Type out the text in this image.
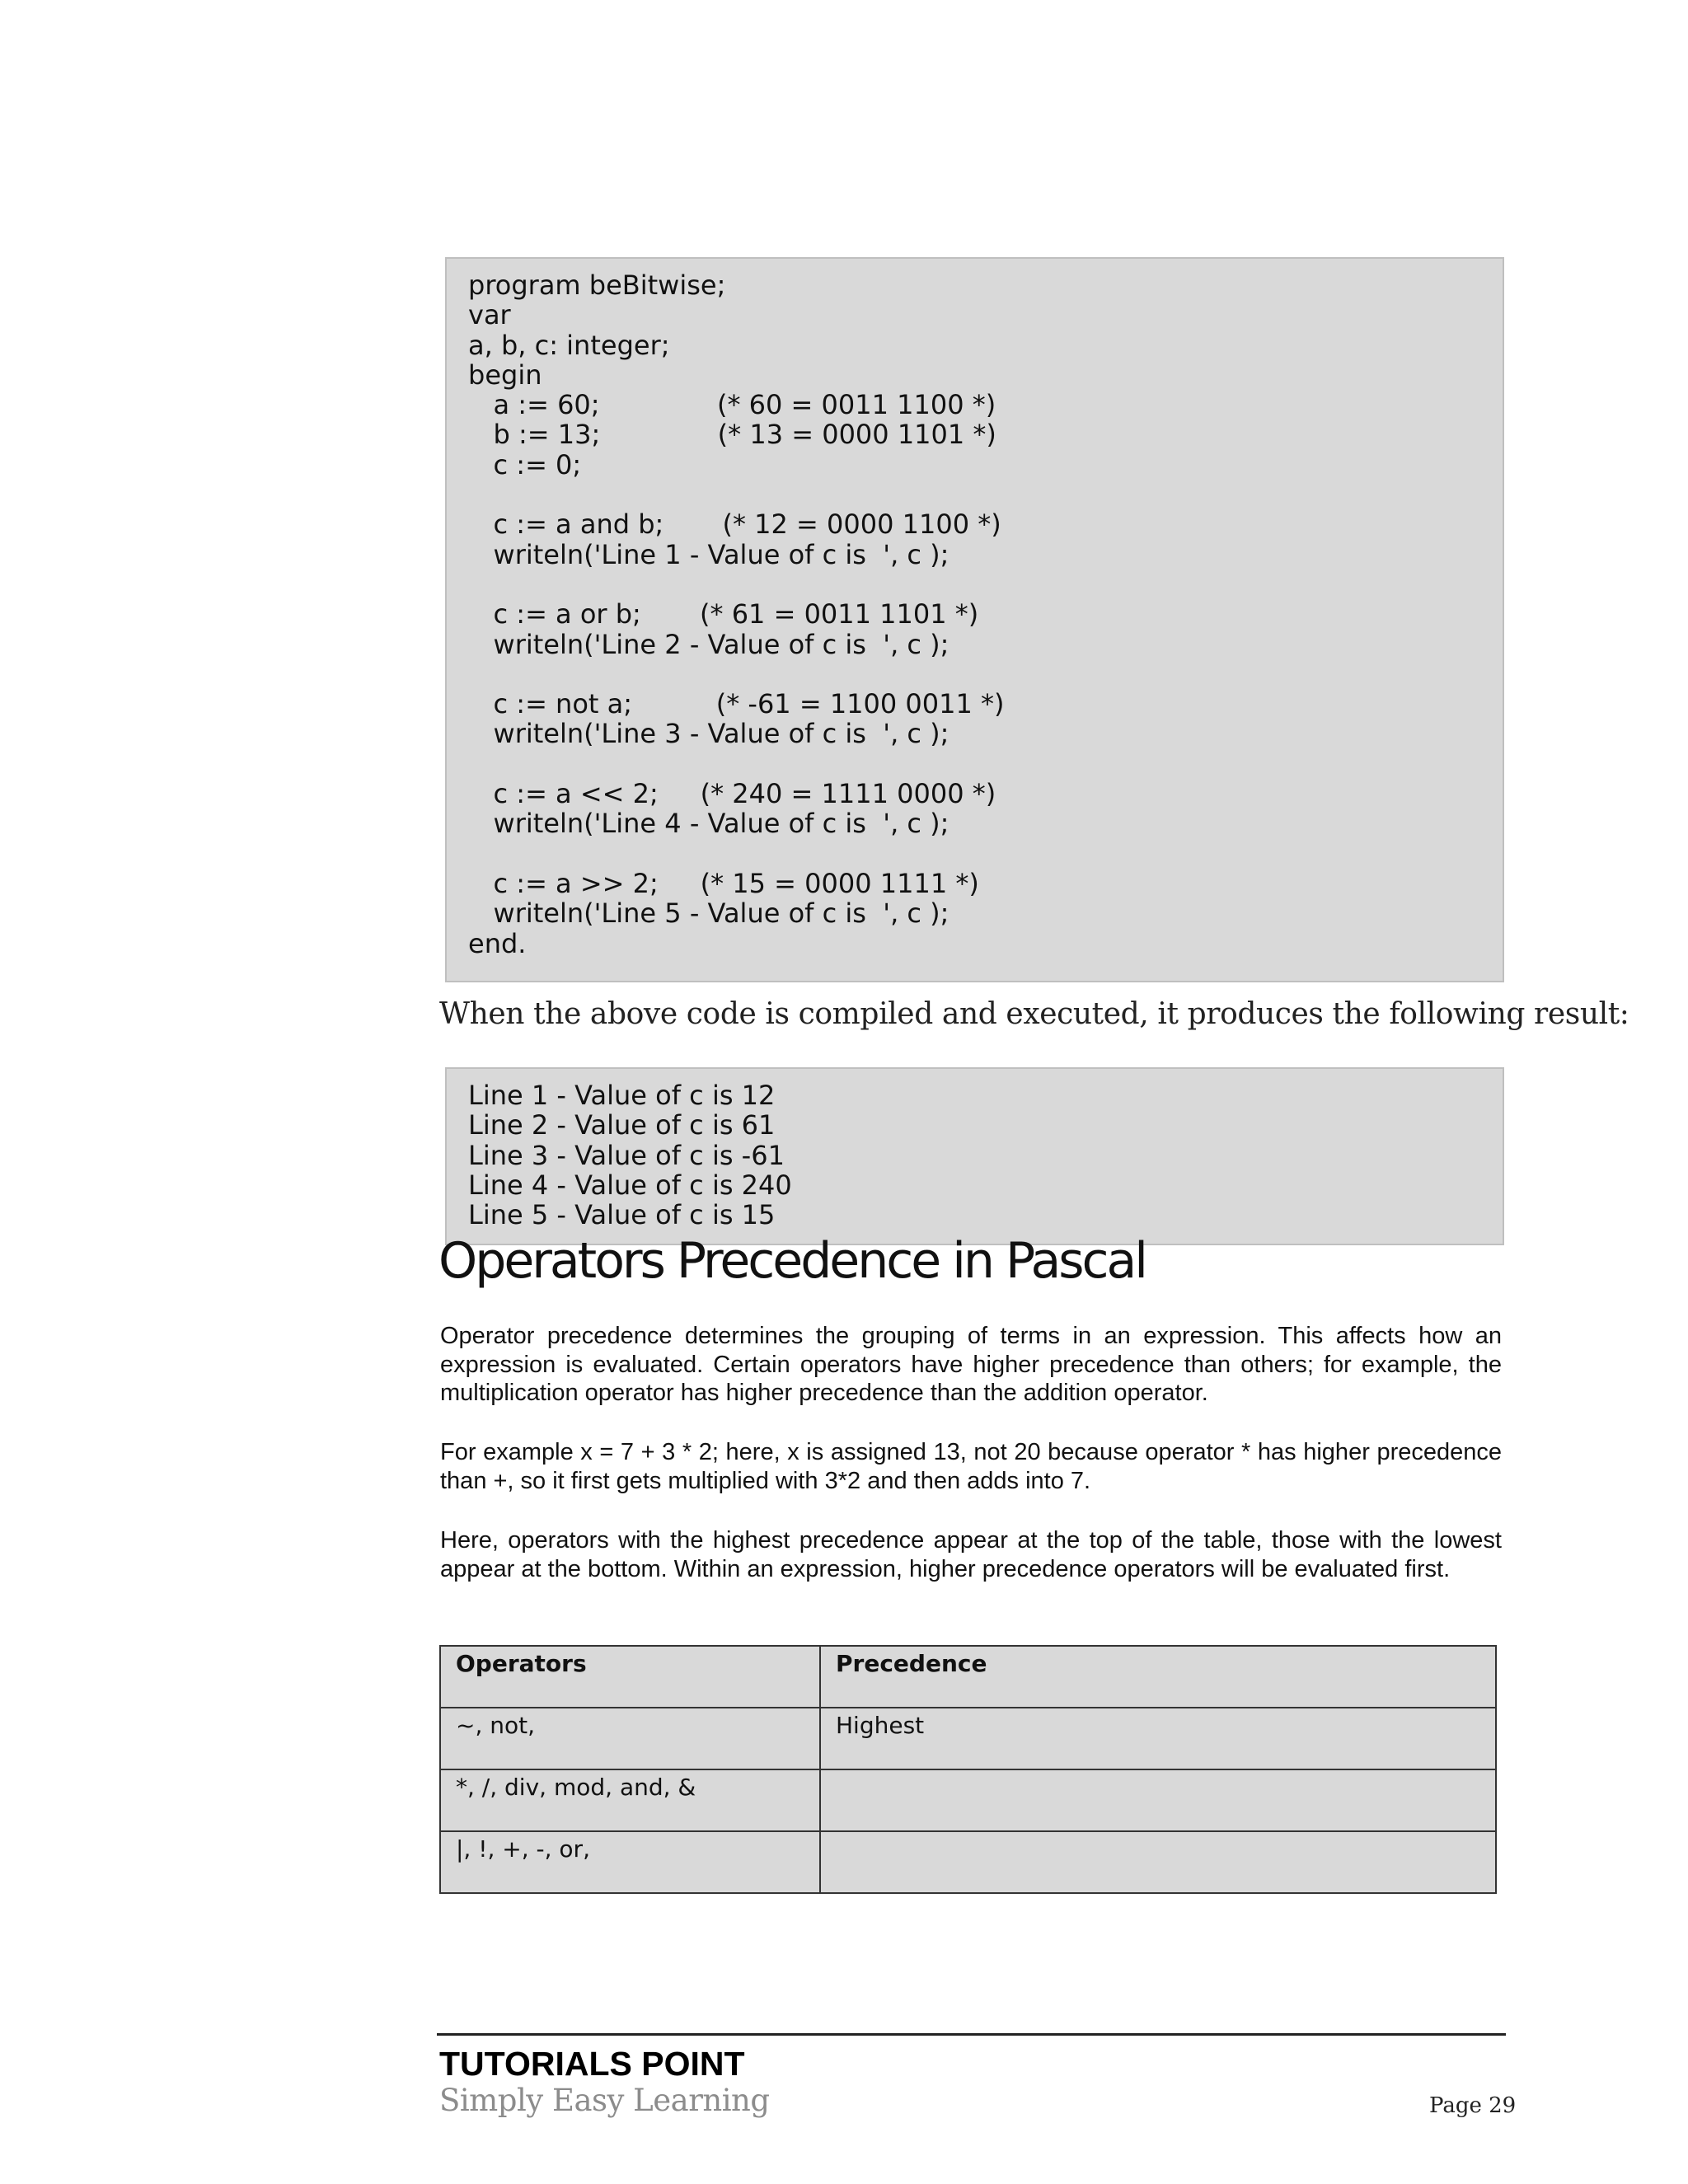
program beBitwise;
var
a, b, c: integer;
begin
a := 60;              (* 60 = 0011 1100 *)
b := 13;              (* 13 = 0000 1101 *)
c := 0;

c := a and b;       (* 12 = 0000 1100 *)
writeln('Line 1 - Value of c is  ', c );

c := a or b;       (* 61 = 0011 1101 *)
writeln('Line 2 - Value of c is  ', c );

c := not a;          (* -61 = 1100 0011 *)
writeln('Line 3 - Value of c is  ', c );

c := a << 2;     (* 240 = 1111 0000 *)
writeln('Line 4 - Value of c is  ', c );

c := a >> 2;     (* 15 = 0000 1111 *)
writeln('Line 5 - Value of c is  ', c );
end.

When the above code is compiled and executed, it produces the following result:

Line 1 - Value of c is 12
Line 2 - Value of c is 61
Line 3 - Value of c is -61
Line 4 - Value of c is 240
Line 5 - Value of c is 15
Operators Precedence in Pascal

Operator precedence determines the grouping of terms in an expression. This affects how an expression is evaluated. Certain operators have higher precedence than others; for example, the multiplication operator has higher precedence than the addition operator.

For example x = 7 + 3 * 2; here, x is assigned 13, not 20 because operator * has higher precedence than +, so it first gets multiplied with 3*2 and then adds into 7.

Here, operators with the highest precedence appear at the top of the table, those with the lowest appear at the bottom. Within an expression, higher precedence operators will be evaluated first.

Operators	Precedence
~, not,	Highest
*, /, div, mod, and, &	
|, !, +, -, or,	

TUTORIALS POINT

Simply Easy Learning	Page 29
